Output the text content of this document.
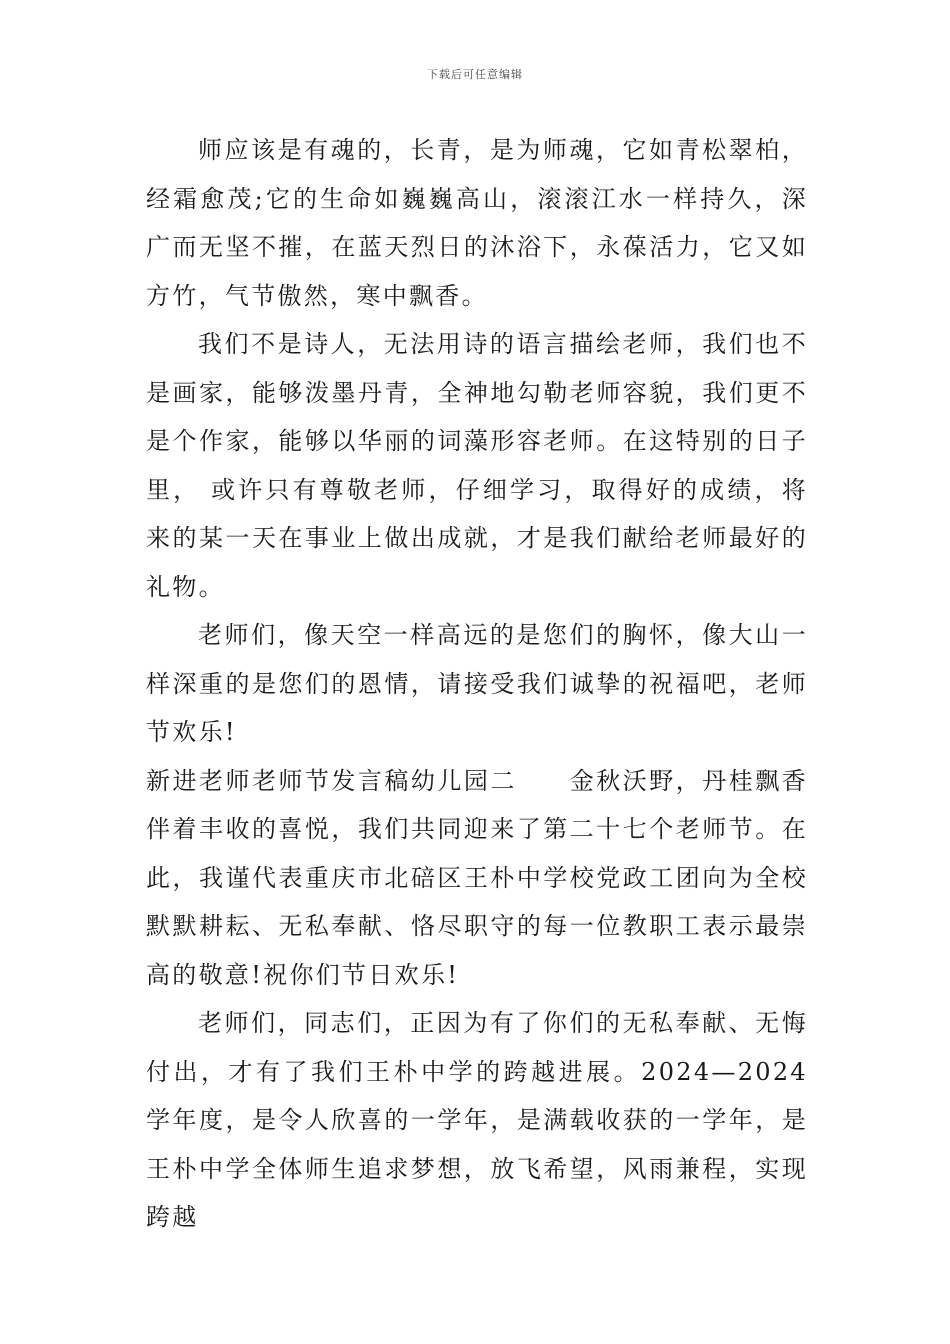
下载后可任意编辑

师应该是有魂的，长青，是为师魂，它如青松翠柏，经霜愈茂;它的生命如巍巍高山，滚滚江水一样持久，深广而无坚不摧，在蓝天烈日的沐浴下，永葆活力，它又如方竹，气节傲然，寒中飘香。

我们不是诗人，无法用诗的语言描绘老师，我们也不是画家，能够泼墨丹青，全神地勾勒老师容貌，我们更不是个作家，能够以华丽的词藻形容老师。在这特别的日子里， 或许只有尊敬老师，仔细学习，取得好的成绩，将来的某一天在事业上做出成就，才是我们献给老师最好的礼物。

老师们，像天空一样高远的是您们的胸怀，像大山一样深重的是您们的恩情，请接受我们诚挚的祝福吧，老师节欢乐!

新进老师老师节发言稿幼儿园二　　金秋沃野，丹桂飘香伴着丰收的喜悦，我们共同迎来了第二十七个老师节。在此，我谨代表重庆市北碚区王朴中学校党政工团向为全校默默耕耘、无私奉献、恪尽职守的每一位教职工表示最崇高的敬意!祝你们节日欢乐!

老师们，同志们，正因为有了你们的无私奉献、无悔付出，才有了我们王朴中学的跨越进展。2024—2024 学年度，是令人欣喜的一学年，是满载收获的一学年，是王朴中学全体师生追求梦想，放飞希望，风雨兼程，实现跨越
